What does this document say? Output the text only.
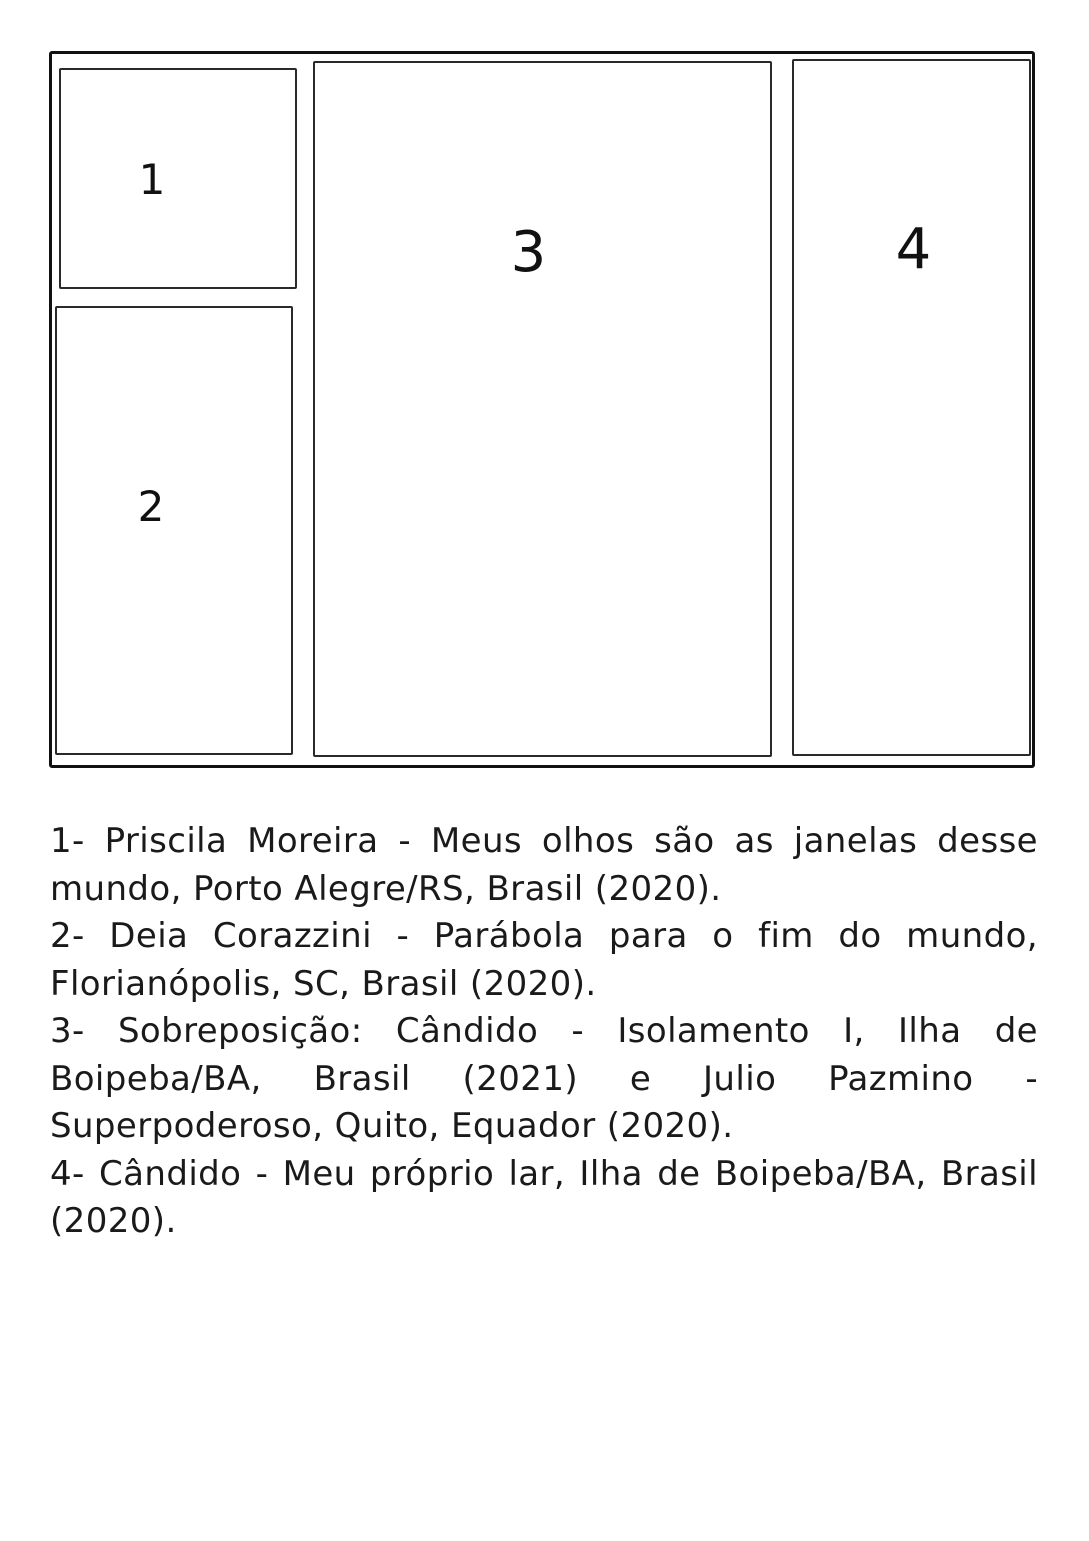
1
2
3	4

1- Priscila Moreira - Meus olhos são as janelas desse mundo, Porto Alegre/RS, Brasil (2020).

2- Deia Corazzini - Parábola para o fim do mundo, Florianópolis, SC, Brasil (2020).

3- Sobreposição: Cândido - Isolamento I, Ilha de Boipeba/BA, Brasil (2021) e Julio Pazmino - Superpoderoso, Quito, Equador (2020).

4- Cândido - Meu próprio lar, Ilha de Boipeba/BA, Brasil (2020).
